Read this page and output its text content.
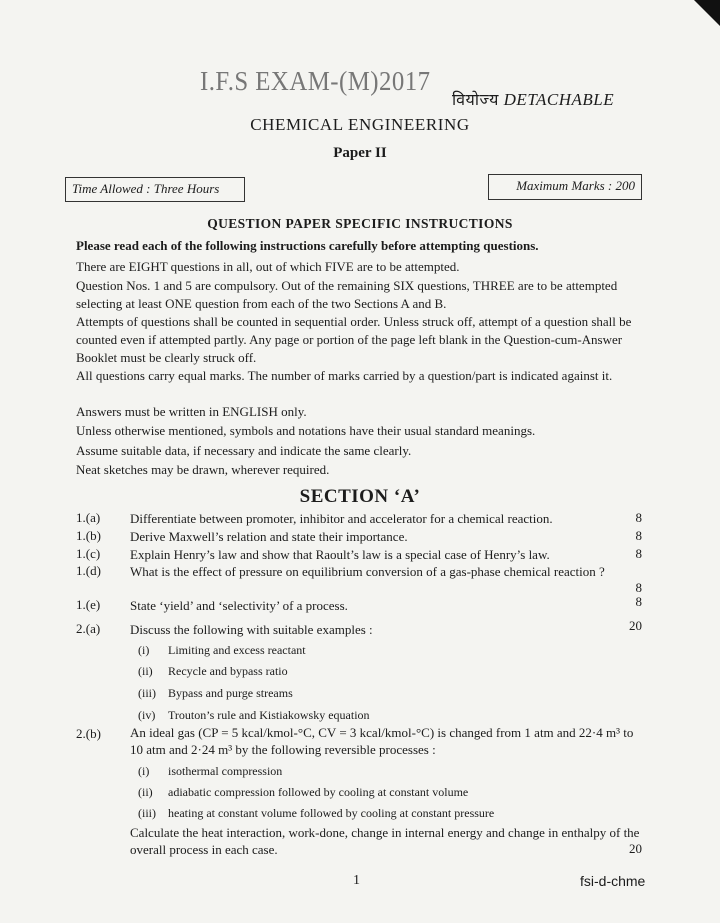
I.F.S EXAM-(M)2017
वियोज्य DETACHABLE
CHEMICAL ENGINEERING
Paper II
Time Allowed : Three Hours	Maximum Marks : 200
QUESTION PAPER SPECIFIC INSTRUCTIONS
Please read each of the following instructions carefully before attempting questions.
There are EIGHT questions in all, out of which FIVE are to be attempted.
Question Nos. 1 and 5 are compulsory. Out of the remaining SIX questions, THREE are to be attempted selecting at least ONE question from each of the two Sections A and B.
Attempts of questions shall be counted in sequential order. Unless struck off, attempt of a question shall be counted even if attempted partly. Any page or portion of the page left blank in the Question-cum-Answer Booklet must be clearly struck off.
All questions carry equal marks. The number of marks carried by a question/part is indicated against it.
Answers must be written in ENGLISH only.
Unless otherwise mentioned, symbols and notations have their usual standard meanings.
Assume suitable data, if necessary and indicate the same clearly.
Neat sketches may be drawn, wherever required.
SECTION ‘A’
1.(a) Differentiate between promoter, inhibitor and accelerator for a chemical reaction.	8
1.(b) Derive Maxwell’s relation and state their importance.	8
1.(c) Explain Henry’s law and show that Raoult’s law is a special case of Henry’s law.	8
1.(d) What is the effect of pressure on equilibrium conversion of a gas-phase chemical reaction ?
8
1.(e) State ‘yield’ and ‘selectivity’ of a process.	8
2.(a) Discuss the following with suitable examples :	20
(i) Limiting and excess reactant
(ii) Recycle and bypass ratio
(iii) Bypass and purge streams
(iv) Trouton’s rule and Kistiakowsky equation
2.(b) An ideal gas (CP = 5 kcal/kmol-°C, CV = 3 kcal/kmol-°C) is changed from 1 atm and 22·4 m³ to 10 atm and 2·24 m³ by the following reversible processes :
(i) isothermal compression
(ii) adiabatic compression followed by cooling at constant volume
(iii) heating at constant volume followed by cooling at constant pressure
Calculate the heat interaction, work-done, change in internal energy and change in enthalpy of the overall process in each case.	20
1	fsi-d-chme
